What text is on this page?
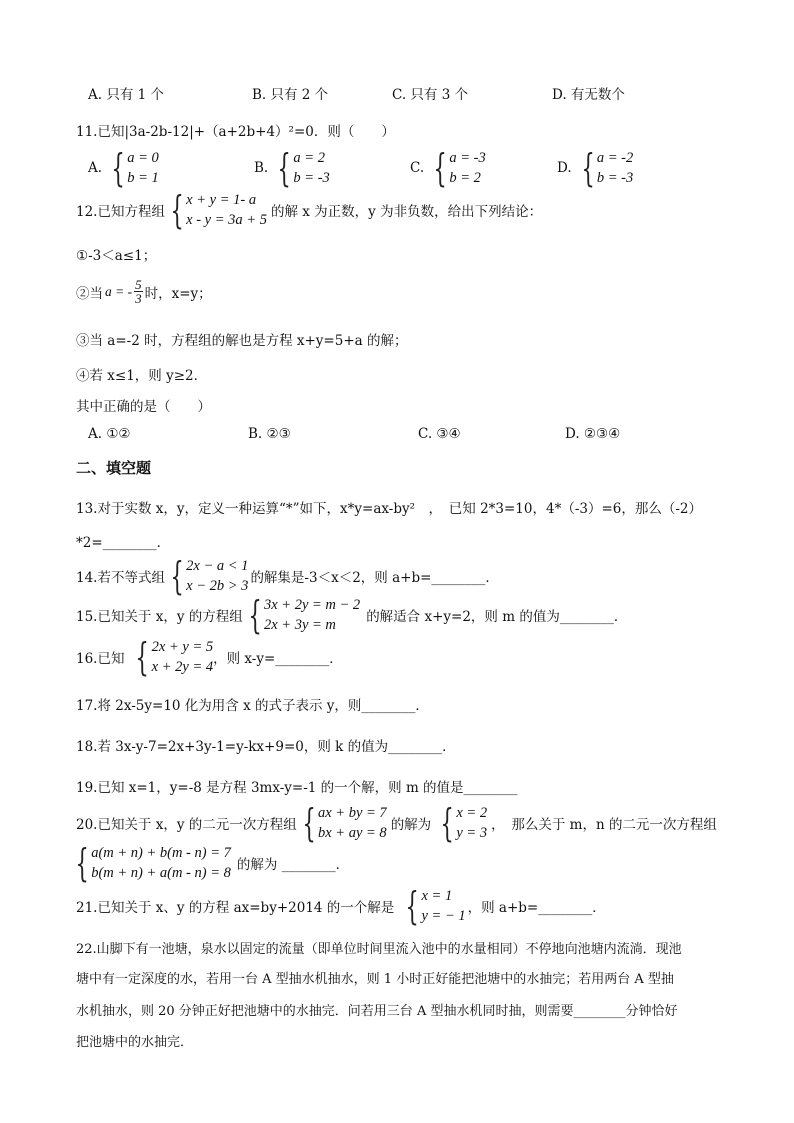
A. 只有 1 个	B. 只有 2 个	C. 只有 3 个	D. 有无数个
11.已知|3a-2b-12|+（a+2b+4）²=0．则（　　）
A. { a = 0
b = 1
B. { a = 2
b = -3
C. { a = -3
b = 2
D. { a = -2
b = -3
12.已知方程组 { x + y = 1- a
x - y = 3a + 5 的解 x 为正数，y 为非负数，给出下列结论：
①-3＜a≤1；
②当 a = - $\frac{5}{3}$ 时，x=y；
③当 a=-2 时，方程组的解也是方程 x+y=5+a 的解；
④若 x≤1，则 y≥2．
其中正确的是（　　）
A. ①②	B. ②③	C. ③④	D. ②③④
二、填空题
13.对于实数 x，y，定义一种运算“*”如下，x*y=ax-by²　，　已知 2*3=10，4*（-3）=6，那么（-2）
*2=________．
14.若不等式组 { 2x − a < 1
x − 2b > 3 的解集是-3＜x＜2，则 a+b=________．
15.已知关于 x，y 的方程组 { 3x + 2y = m − 2
2x + 3y = m	的解适合 x+y=2，则 m 的值为________．
16.已知 { 2x + y = 5
x + 2y = 4 ，则 x-y=________．
17.将 2x-5y=10 化为用含 x 的式子表示 y，则________．
18.若 3x-y-7=2x+3y-1=y-kx+9=0，则 k 的值为________．
19.已知 x=1，y=-8 是方程 3mx-y=-1 的一个解，则 m 的值是________
20.已知关于 x，y 的二元一次方程组 { ax + by = 7
bx + ay = 8 的解为 { x = 2
y = 3 ，　那么关于 m，n 的二元一次方程组
{ a(m + n) + b(m - n) = 7
b(m + n) + a(m - n) = 8 的解为 ________．
21.已知关于 x、y 的方程 ax=by+2014 的一个解是 { x = 1
y = − 1 ，则 a+b=________．
22.山脚下有一池塘，泉水以固定的流量（即单位时间里流入池中的水量相同）不停地向池塘内流淌．现池
塘中有一定深度的水，若用一台 A 型抽水机抽水，则 1 小时正好能把池塘中的水抽完；若用两台 A 型抽
水机抽水，则 20 分钟正好把池塘中的水抽完．问若用三台 A 型抽水机同时抽，则需要________分钟恰好
把池塘中的水抽完．
